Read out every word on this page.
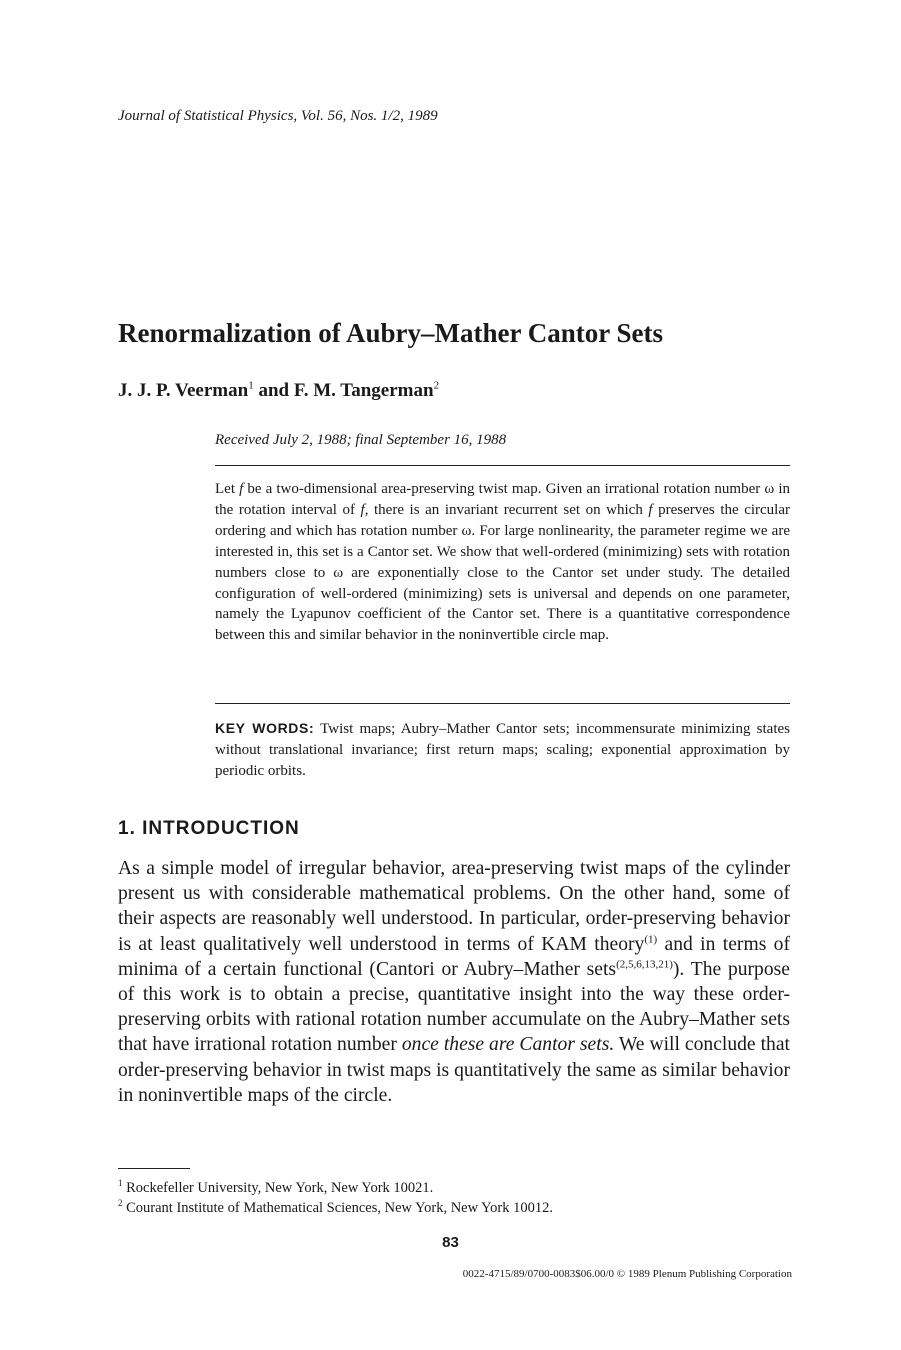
Journal of Statistical Physics, Vol. 56, Nos. 1/2, 1989
Renormalization of Aubry–Mather Cantor Sets
J. J. P. Veerman$^1$ and F. M. Tangerman$^2$
Received July 2, 1988; final September 16, 1988

Let f be a two-dimensional area-preserving twist map. Given an irrational rotation number ω in the rotation interval of f, there is an invariant recurrent set on which f preserves the circular ordering and which has rotation number ω. For large nonlinearity, the parameter regime we are interested in, this set is a Cantor set. We show that well-ordered (minimizing) sets with rotation numbers close to ω are exponentially close to the Cantor set under study. The detailed configuration of well-ordered (minimizing) sets is universal and depends on one parameter, namely the Lyapunov coefficient of the Cantor set. There is a quantitative correspondence between this and similar behavior in the noninvertible circle map.

KEY WORDS: Twist maps; Aubry–Mather Cantor sets; incommensurate minimizing states without translational invariance; first return maps; scaling; exponential approximation by periodic orbits.

1. INTRODUCTION

As a simple model of irregular behavior, area-preserving twist maps of the cylinder present us with considerable mathematical problems. On the other hand, some of their aspects are reasonably well understood. In particular, order-preserving behavior is at least qualitatively well understood in terms of KAM theory$^{(1)}$ and in terms of minima of a certain functional (Cantori or Aubry–Mather sets$^{(2,5,6,13,21)}$). The purpose of this work is to obtain a precise, quantitative insight into the way these order-preserving orbits with rational rotation number accumulate on the Aubry–Mather sets that have irrational rotation number once these are Cantor sets. We will conclude that order-preserving behavior in twist maps is quantitatively the same as similar behavior in noninvertible maps of the circle.

$^1$ Rockefeller University, New York, New York 10021.
$^2$ Courant Institute of Mathematical Sciences, New York, New York 10012.
83
0022-4715/89/0700-0083$06.00/0 © 1989 Plenum Publishing Corporation
